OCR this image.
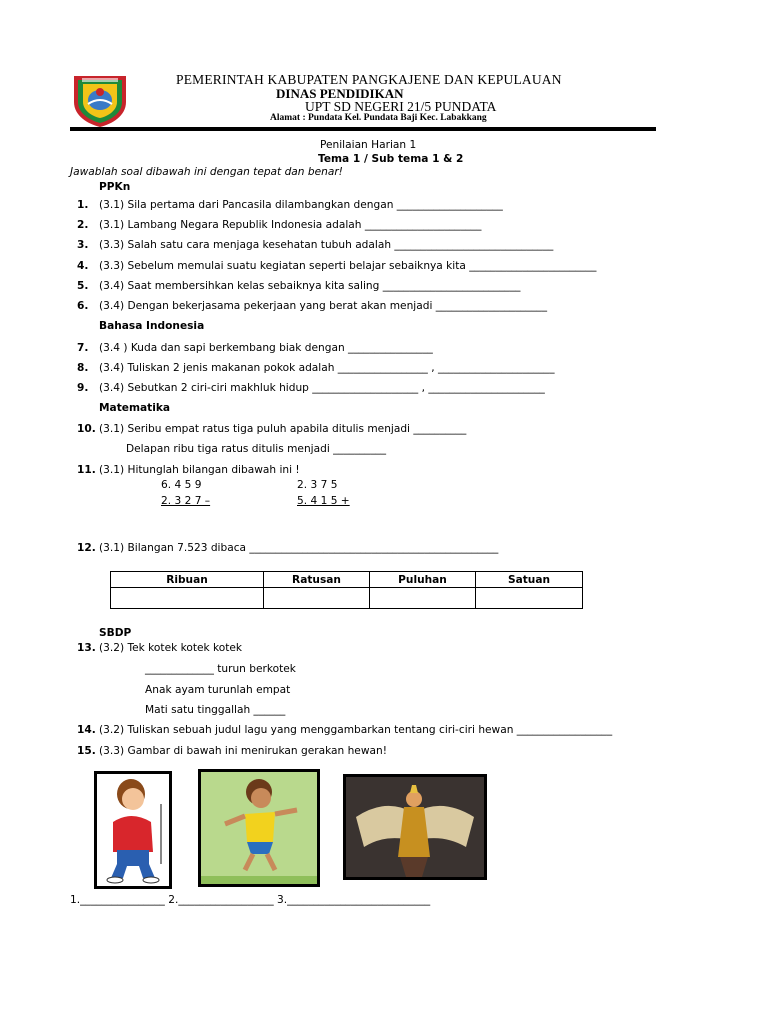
PEMERINTAH KABUPATEN PANGKAJENE DAN KEPULAUAN
DINAS PENDIDIKAN
UPT SD NEGERI 21/5 PUNDATA
Alamat : Pundata Kel. Pundata Baji Kec. Labakkang
Penilaian Harian 1
Tema 1 / Sub tema 1 & 2
Jawablah soal dibawah ini dengan tepat dan benar!
PPKn
1. (3.1) Sila pertama dari Pancasila dilambangkan dengan ____________________
2. (3.1) Lambang Negara Republik Indonesia adalah ______________________
3. (3.3) Salah satu cara menjaga kesehatan tubuh adalah ______________________________
4. (3.3) Sebelum memulai suatu kegiatan seperti belajar sebaiknya kita ________________________
5. (3.4) Saat membersihkan kelas sebaiknya kita saling __________________________
6. (3.4) Dengan bekerjasama pekerjaan yang berat akan menjadi _____________________
Bahasa Indonesia
7. (3.4 ) Kuda dan sapi berkembang biak dengan ________________
8. (3.4) Tuliskan 2 jenis makanan pokok adalah _________________ , ______________________
9. (3.4) Sebutkan 2 ciri-ciri makhluk hidup ____________________ , ______________________
Matematika
10. (3.1) Seribu empat ratus tiga puluh apabila ditulis menjadi __________
Delapan ribu tiga ratus ditulis menjadi __________
11. (3.1) Hitunglah bilangan dibawah ini !
6. 4 5 9
2. 3 2 7 –
2. 3 7 5
5. 4 1 5 +
12. (3.1) Bilangan 7.523 dibaca _______________________________________________
Ribuan	Ratusan	Puluhan	Satuan

SBDP
13. (3.2) Tek kotek kotek kotek
_____________ turun berkotek
Anak ayam turunlah empat
Mati satu tinggallah ______
14. (3.2) Tuliskan sebuah judul lagu yang menggambarkan tentang ciri-ciri hewan __________________
15. (3.3) Gambar di bawah ini menirukan gerakan hewan!
1.________________ 2.__________________ 3.___________________________
